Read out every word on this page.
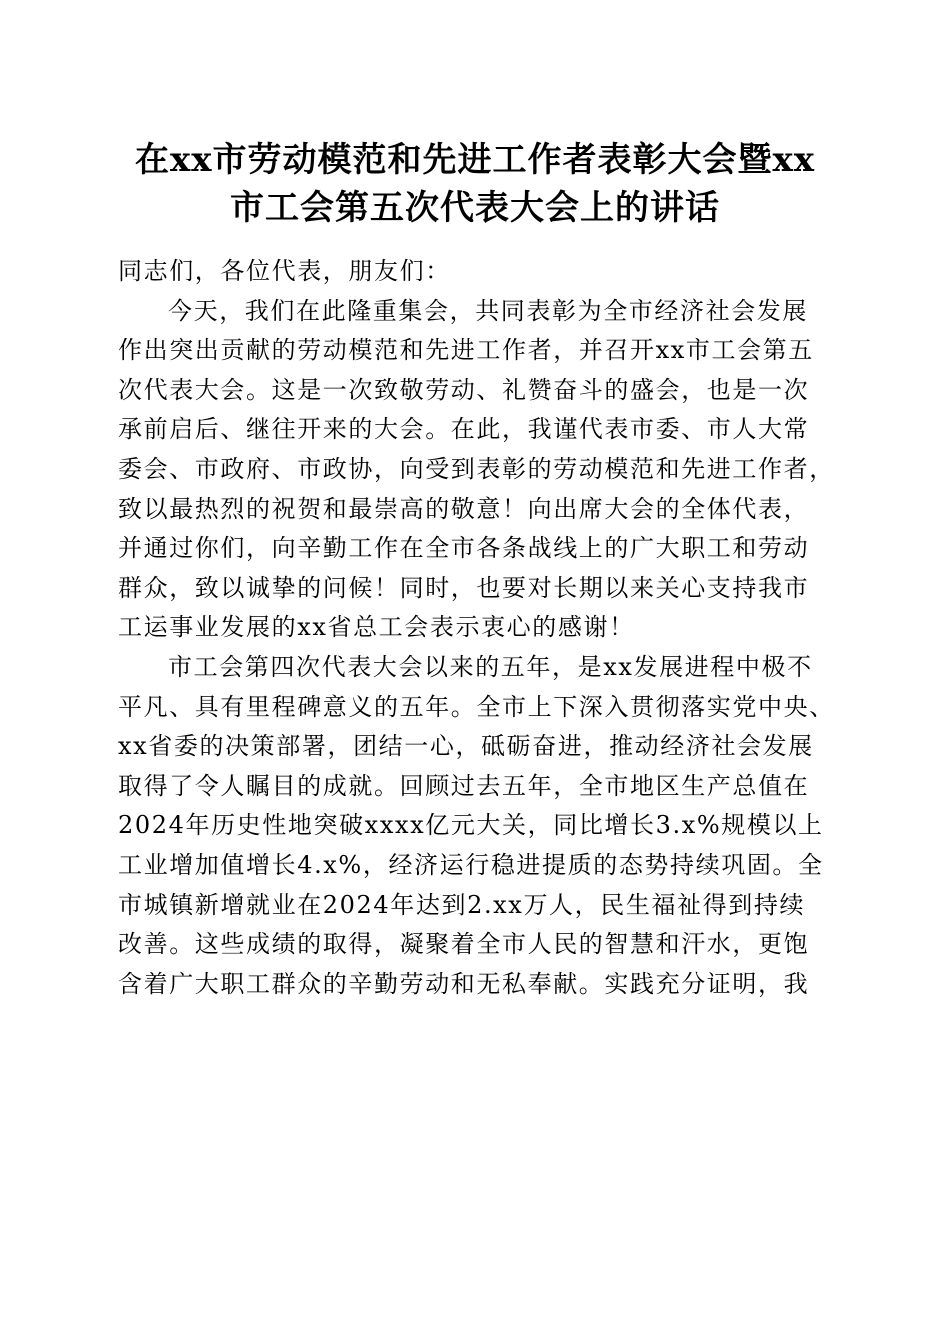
在xx市劳动模范和先进工作者表彰大会暨xx
市工会第五次代表大会上的讲话
同志们，各位代表，朋友们：
今天，我们在此隆重集会，共同表彰为全市经济社会发展
作出突出贡献的劳动模范和先进工作者，并召开xx市工会第五
次代表大会。这是一次致敬劳动、礼赞奋斗的盛会，也是一次
承前启后、继往开来的大会。在此，我谨代表市委、市人大常
委会、市政府、市政协，向受到表彰的劳动模范和先进工作者，
致以最热烈的祝贺和最崇高的敬意！向出席大会的全体代表，
并通过你们，向辛勤工作在全市各条战线上的广大职工和劳动
群众，致以诚挚的问候！同时，也要对长期以来关心支持我市
工运事业发展的xx省总工会表示衷心的感谢！
市工会第四次代表大会以来的五年，是xx发展进程中极不
平凡、具有里程碑意义的五年。全市上下深入贯彻落实党中央、
xx省委的决策部署，团结一心，砥砺奋进，推动经济社会发展
取得了令人瞩目的成就。回顾过去五年，全市地区生产总值在
2024年历史性地突破xxxx亿元大关，同比增长3.x%规模以上
工业增加值增长4.x%，经济运行稳进提质的态势持续巩固。全
市城镇新增就业在2024年达到2.xx万人，民生福祉得到持续
改善。这些成绩的取得，凝聚着全市人民的智慧和汗水，更饱
含着广大职工群众的辛勤劳动和无私奉献。实践充分证明，我
